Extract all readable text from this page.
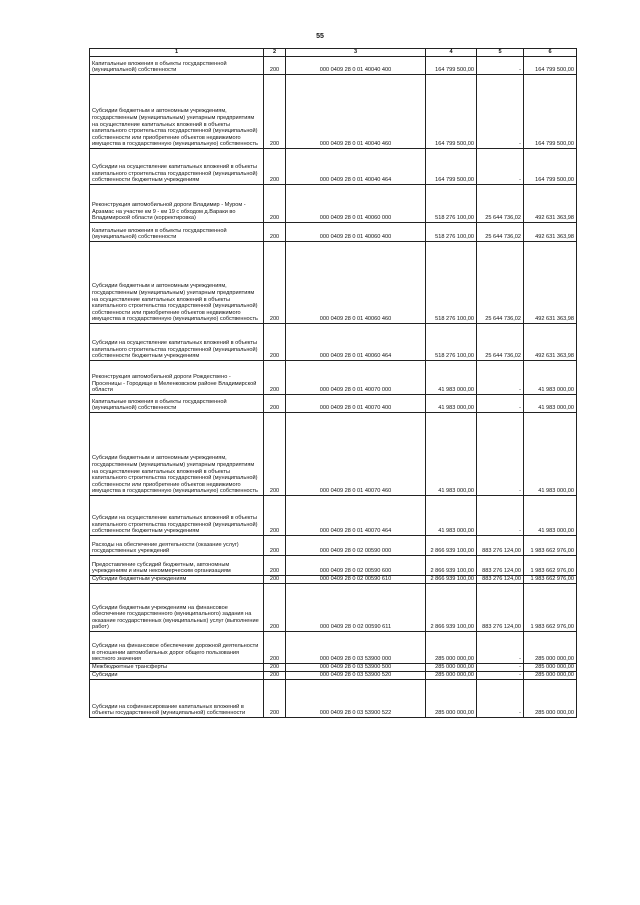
55
1	2	3	4	5	6
Капитальные вложения в объекты государственной (муниципальной) собственности	200	000 0409 28 0 01 40040 400	164 799 500,00	-	164 799 500,00
Субсидии бюджетным и автономным учреждениям, государственным (муниципальным) унитарным предприятиям на осуществление капитальных вложений в объекты капитального строительства государственной (муниципальной) собственности или приобретение объектов недвижимого имущества в государственную (муниципальную) собственность	200	000 0409 28 0 01 40040 460	164 799 500,00	-	164 799 500,00
Субсидии на осуществление капитальных вложений в объекты капитального строительства государственной (муниципальной) собственности бюджетным учреждениям	200	000 0409 28 0 01 40040 464	164 799 500,00	-	164 799 500,00
Реконструкция автомобильной дороги Владимир - Муром - Арзамас на участке км 9 - км 19 с обходом д.Вараки во Владимирской области (корректировка)	200	000 0409 28 0 01 40060 000	518 276 100,00	25 644 736,02	492 631 363,98
Капитальные вложения в объекты государственной (муниципальной) собственности	200	000 0409 28 0 01 40060 400	518 276 100,00	25 644 736,02	492 631 363,98
Субсидии бюджетным и автономным учреждениям, государственным (муниципальным) унитарным предприятиям на осуществление капитальных вложений в объекты капитального строительства государственной (муниципальной) собственности или приобретение объектов недвижимого имущества в государственную (муниципальную) собственность	200	000 0409 28 0 01 40060 460	518 276 100,00	25 644 736,02	492 631 363,98
Субсидии на осуществление капитальных вложений в объекты капитального строительства государственной (муниципальной) собственности бюджетным учреждениям	200	000 0409 28 0 01 40060 464	518 276 100,00	25 644 736,02	492 631 363,98
Реконструкция автомобильной дороги Рождествено - Просеницы - Городище в Меленковском районе Владимирской области	200	000 0409 28 0 01 40070 000	41 983 000,00	-	41 983 000,00
Капитальные вложения в объекты государственной (муниципальной) собственности	200	000 0409 28 0 01 40070 400	41 983 000,00	-	41 983 000,00
Субсидии бюджетным и автономным учреждениям, государственным (муниципальным) унитарным предприятиям на осуществление капитальных вложений в объекты капитального строительства государственной (муниципальной) собственности или приобретение объектов недвижимого имущества в государственную (муниципальную) собственность	200	000 0409 28 0 01 40070 460	41 983 000,00	-	41 983 000,00
Субсидии на осуществление капитальных вложений в объекты капитального строительства государственной (муниципальной) собственности бюджетным учреждениям	200	000 0409 28 0 01 40070 464	41 983 000,00	-	41 983 000,00
Расходы на обеспечение деятельности (оказание услуг) государственных учреждений	200	000 0409 28 0 02 00590 000	2 866 939 100,00	883 276 124,00	1 983 662 976,00
Предоставление субсидий бюджетным, автономным учреждениям и иным некоммерческим организациям	200	000 0409 28 0 02 00590 600	2 866 939 100,00	883 276 124,00	1 983 662 976,00
Субсидии бюджетным учреждениям	200	000 0409 28 0 02 00590 610	2 866 939 100,00	883 276 124,00	1 983 662 976,00
Субсидии бюджетным учреждениям на финансовое обеспечение государственного (муниципального) задания на оказание государственных (муниципальных) услуг (выполнение работ)	200	000 0409 28 0 02 00590 611	2 866 939 100,00	883 276 124,00	1 983 662 976,00
Субсидии на финансовое обеспечение дорожной деятельности в отношении автомобильных дорог общего пользования местного значения	200	000 0409 28 0 03 53900 000	285 000 000,00	-	285 000 000,00
Межбюджетные трансферты	200	000 0409 28 0 03 53900 500	285 000 000,00	-	285 000 000,00
Субсидии	200	000 0409 28 0 03 53900 520	285 000 000,00	-	285 000 000,00
Субсидии на софинансирование капитальных вложений в объекты государственной (муниципальной) собственности	200	000 0409 28 0 03 53900 522	285 000 000,00	-	285 000 000,00
